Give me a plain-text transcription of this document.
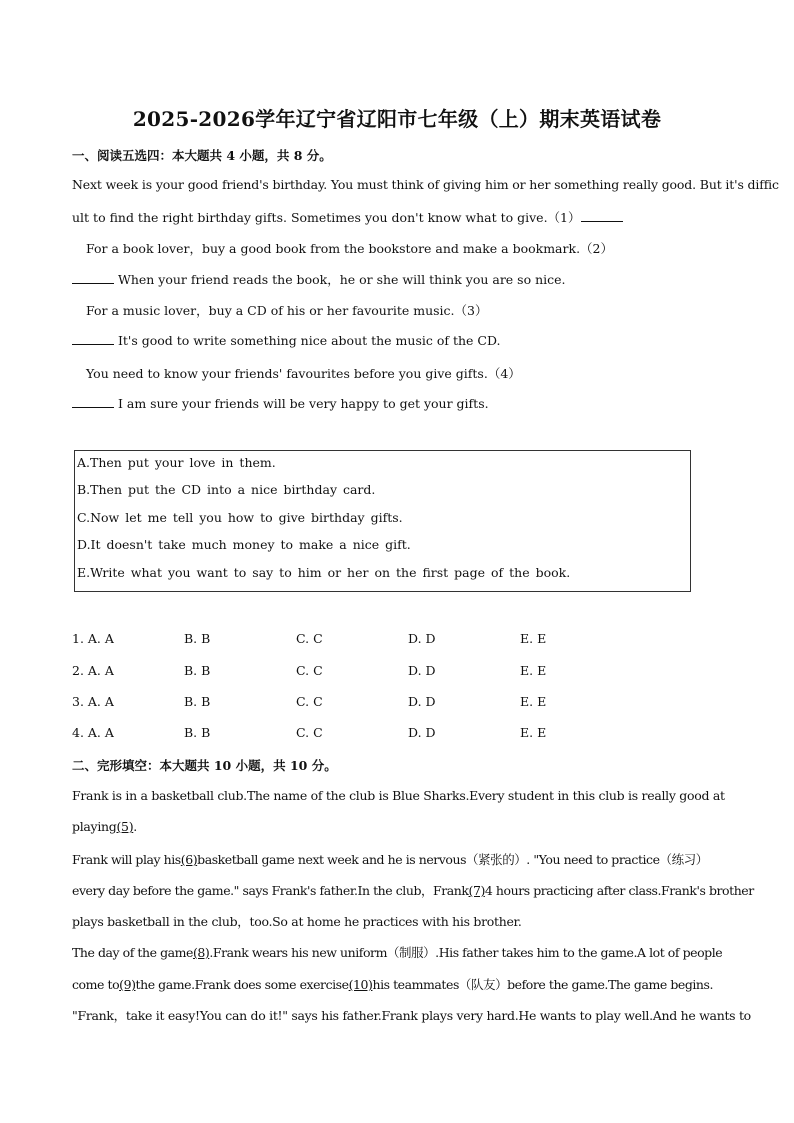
2025-2026学年辽宁省辽阳市七年级（上）期末英语试卷
一、阅读五选四：本大题共 4 小题，共 8 分。
Next week is your good friend's birthday. You must think of giving him or her something really good. But it's diffic
ult to find the right birthday gifts. Sometimes you don't know what to give.（1）
For a book lover，buy a good book from the bookstore and make a bookmark.（2）
When your friend reads the book，he or she will think you are so nice.
For a music lover，buy a CD of his or her favourite music.（3）
It's good to write something nice about the music of the CD.
You need to know your friends' favourites before you give gifts.（4）
I am sure your friends will be very happy to get your gifts.
A.Then put your love in them.
B.Then put the CD into a nice birthday card.
C.Now let me tell you how to give birthday gifts.
D.It doesn't take much money to make a nice gift.
E.Write what you want to say to him or her on the first page of the book.
1. A. A	B. B	C. C	D. D	E. E
2. A. A	B. B	C. C	D. D	E. E
3. A. A	B. B	C. C	D. D	E. E
4. A. A	B. B	C. C	D. D	E. E
二、完形填空：本大题共 10 小题，共 10 分。
Frank is in a basketball club.The name of the club is Blue Sharks.Every student in this club is really good at
playing(5).
Frank will play his(6)basketball game next week and he is nervous（紧张的）. "You need to practice（练习）
every day before the game." says Frank's father.In the club，Frank(7)4 hours practicing after class.Frank's brother
plays basketball in the club，too.So at home he practices with his brother.
The day of the game(8).Frank wears his new uniform（制服）.His father takes him to the game.A lot of people
come to(9)the game.Frank does some exercise(10)his teammates（队友）before the game.The game begins.
"Frank，take it easy!You can do it!" says his father.Frank plays very hard.He wants to play well.And he wants to
